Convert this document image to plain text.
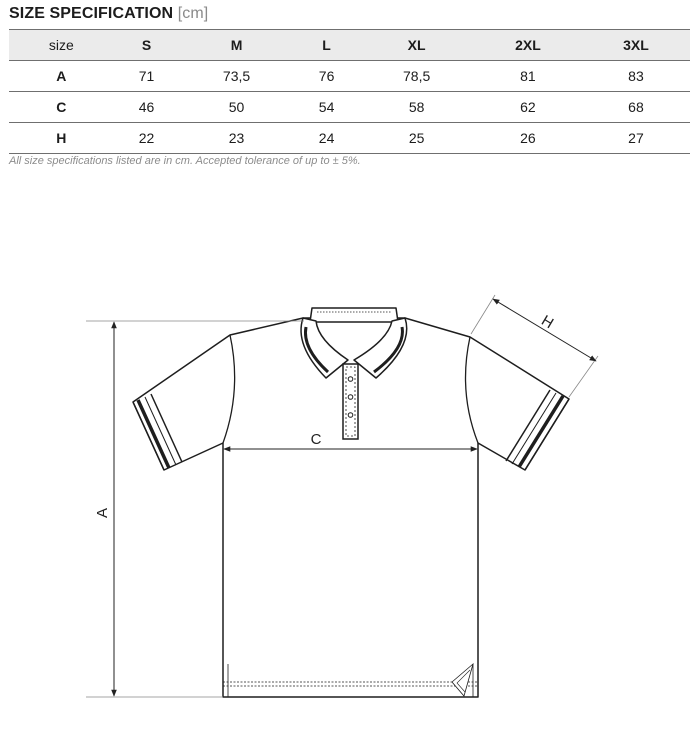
SIZE SPECIFICATION [cm]
size	S	M	L	XL	2XL	3XL
A	71	73,5	76	78,5	81	83
C	46	50	54	58	62	68
H	22	23	24	25	26	27
All size specifications listed are in cm. Accepted tolerance of up to ± 5%.
A
C
H
